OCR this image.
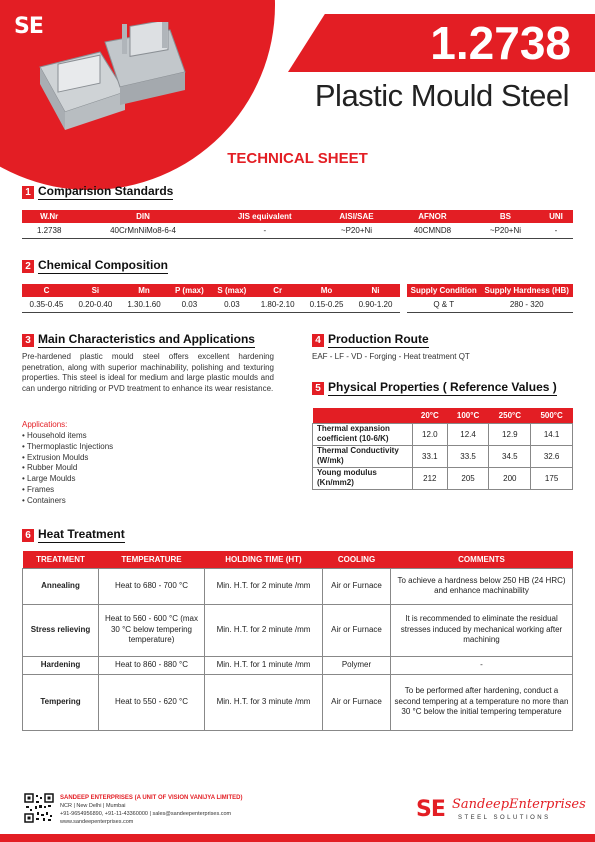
SE	1.2738
Plastic Mould Steel
TECHNICAL SHEET
1 Comparision Standards
W.Nr	DIN	JIS equivalent	AISI/SAE	AFNOR	BS	UNI
1.2738	40CrMnNiMo8-6-4	-	~P20+Ni	40CMND8	~P20+Ni	-
2 Chemical Composition
C	Si	Mn	P (max)	S (max)	Cr	Mo	Ni
0.35-0.45	0.20-0.40	1.30.1.60	0.03	0.03	1.80-2.10	0.15-0.25	0.90-1.20
Supply Condition	Supply Hardness (HB)
Q & T	280 - 320
3 Main Characteristics and Applications
Pre-hardened plastic mould steel offers excellent hardening penetration, along with superior machinability, polishing and texturing properties. This steel is ideal for medium and large plastic moulds and can undergo nitriding or PVD treatment to enhance its wear resistance.
Applications:
• Household items
• Thermoplastic Injections
• Extrusion Moulds
• Rubber Mould
• Large Moulds
• Frames
• Containers
4 Production Route
EAF - LF - VD - Forging - Heat treatment QT
5 Physical Properties ( Reference Values )
	20°C	100°C	250°C	500°C
Thermal expansion coefficient (10-6/K)	12.0	12.4	12.9	14.1
Thermal Conductivity (W/mk)	33.1	33.5	34.5	32.6
Young modulus (Kn/mm2)	212	205	200	175
6 Heat Treatment
TREATMENT	TEMPERATURE	HOLDING TIME (HT)	COOLING	COMMENTS
Annealing	Heat to 680 - 700 °C	Min. H.T. for 2 minute /mm	Air or Furnace	To achieve a hardness below 250 HB (24 HRC) and enhance machinability
Stress relieving	Heat to 560 - 600 °C (max 30 °C below tempering temperature)	Min. H.T. for 2 minute /mm	Air or Furnace	It is recommended to eliminate the residual stresses induced by mechanical working after machining
Hardening	Heat to 860 - 880 °C	Min. H.T. for 1 minute /mm	Polymer	-
Tempering	Heat to 550 - 620 °C	Min. H.T. for 3 minute /mm	Air or Furnace	To be performed after hardening, conduct a second tempering at a temperature no more than 30 °C below the initial tempering temperature
SANDEEP ENTERPRISES (A UNIT OF VISION VANIJYA LIMITED)
NCR | New Delhi | Mumbai
+91-9654956890, +91-11-43360000 | sales@sandeepenterprises.com
www.sandeepenterprises.com	SE SandeepEnterprises
STEEL SOLUTIONS
